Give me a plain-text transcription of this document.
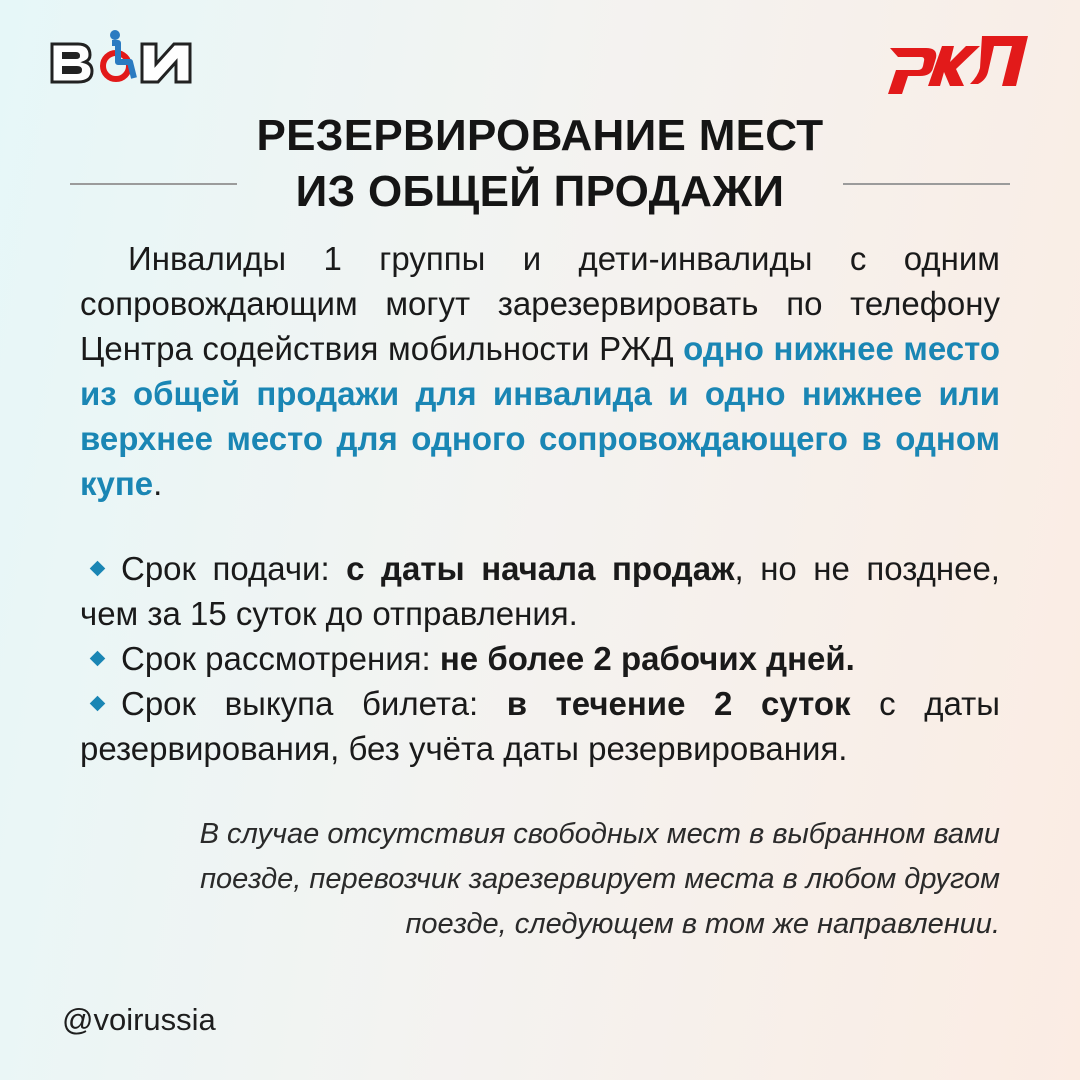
РЕЗЕРВИРОВАНИЕ МЕСТ
ИЗ ОБЩЕЙ ПРОДАЖИ

Инвалиды 1 группы и дети-инвалиды с одним сопровождающим могут зарезервировать по телефону Центра содействия мобильности РЖД одно нижнее место из общей продажи для инвалида и одно нижнее или верхнее место для одного сопровождающего в одном купе.

Срок подачи: с даты начала продаж, но не позднее, чем за 15 суток до отправления.

Срок рассмотрения: не более 2 рабочих дней.

Срок выкупа билета: в течение 2 суток с даты резервирования, без учёта даты резервирования.

В случае отсутствия свободных мест в выбранном вами
поезде, перевозчик зарезервирует места в любом другом
поезде, следующем в том же направлении.
@voirussia
